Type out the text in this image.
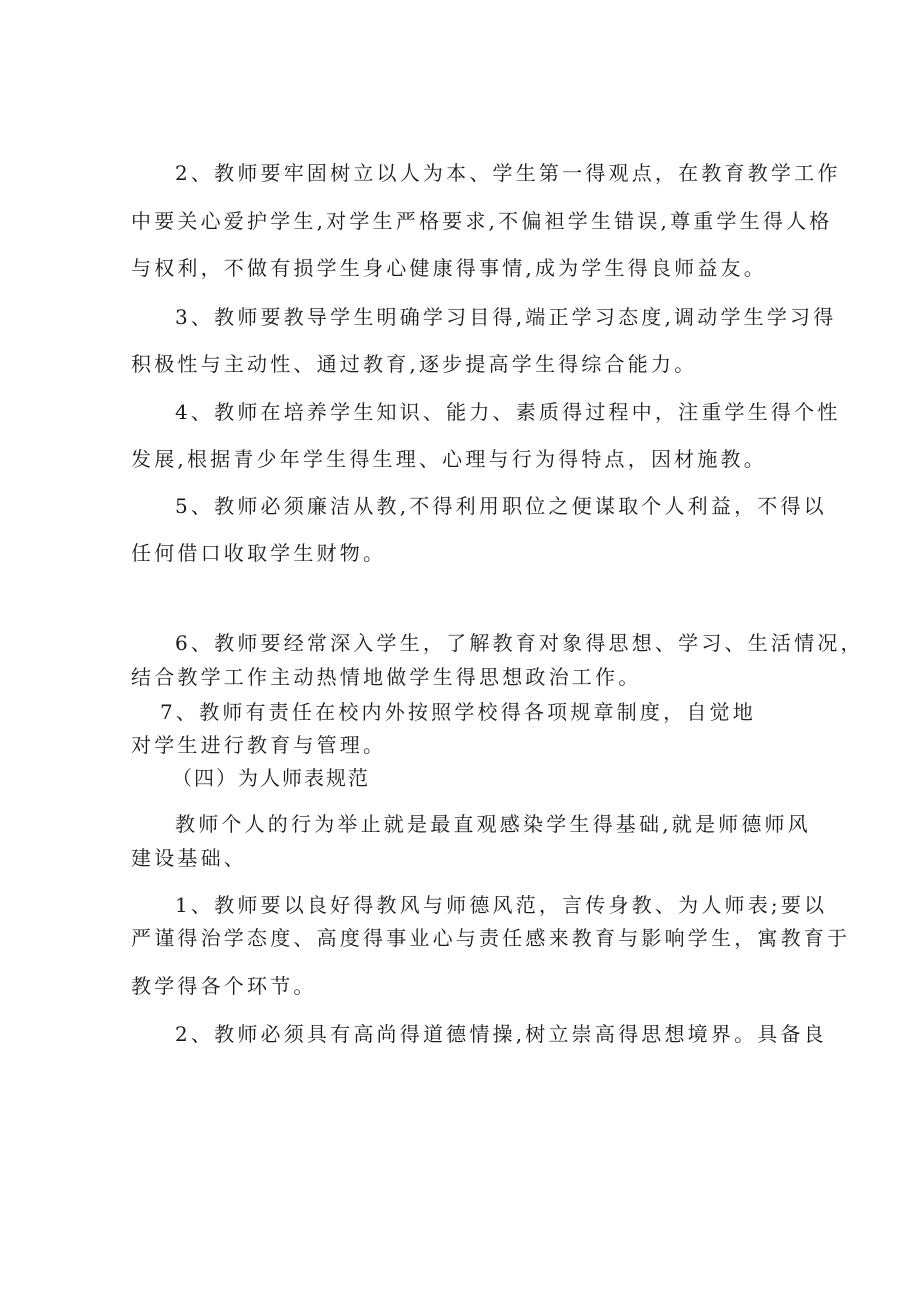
2、教师要牢固树立以人为本、学生第一得观点，在教育教学工作
中要关心爱护学生,对学生严格要求,不偏袒学生错误,尊重学生得人格
与权利，不做有损学生身心健康得事情,成为学生得良师益友。
3、教师要教导学生明确学习目得,端正学习态度,调动学生学习得
积极性与主动性、通过教育,逐步提高学生得综合能力。
4、教师在培养学生知识、能力、素质得过程中，注重学生得个性
发展,根据青少年学生得生理、心理与行为得特点，因材施教。
5、教师必须廉洁从教,不得利用职位之便谋取个人利益，不得以
任何借口收取学生财物。
6、教师要经常深入学生，了解教育对象得思想、学习、生活情况，
结合教学工作主动热情地做学生得思想政治工作。
7、教师有责任在校内外按照学校得各项规章制度，自觉地
对学生进行教育与管理。
（四）为人师表规范
教师个人的行为举止就是最直观感染学生得基础,就是师德师风
建设基础、
1、教师要以良好得教风与师德风范，言传身教、为人师表;要以
严谨得治学态度、高度得事业心与责任感来教育与影响学生，寓教育于
教学得各个环节。
2、教师必须具有高尚得道德情操,树立崇高得思想境界。具备良
